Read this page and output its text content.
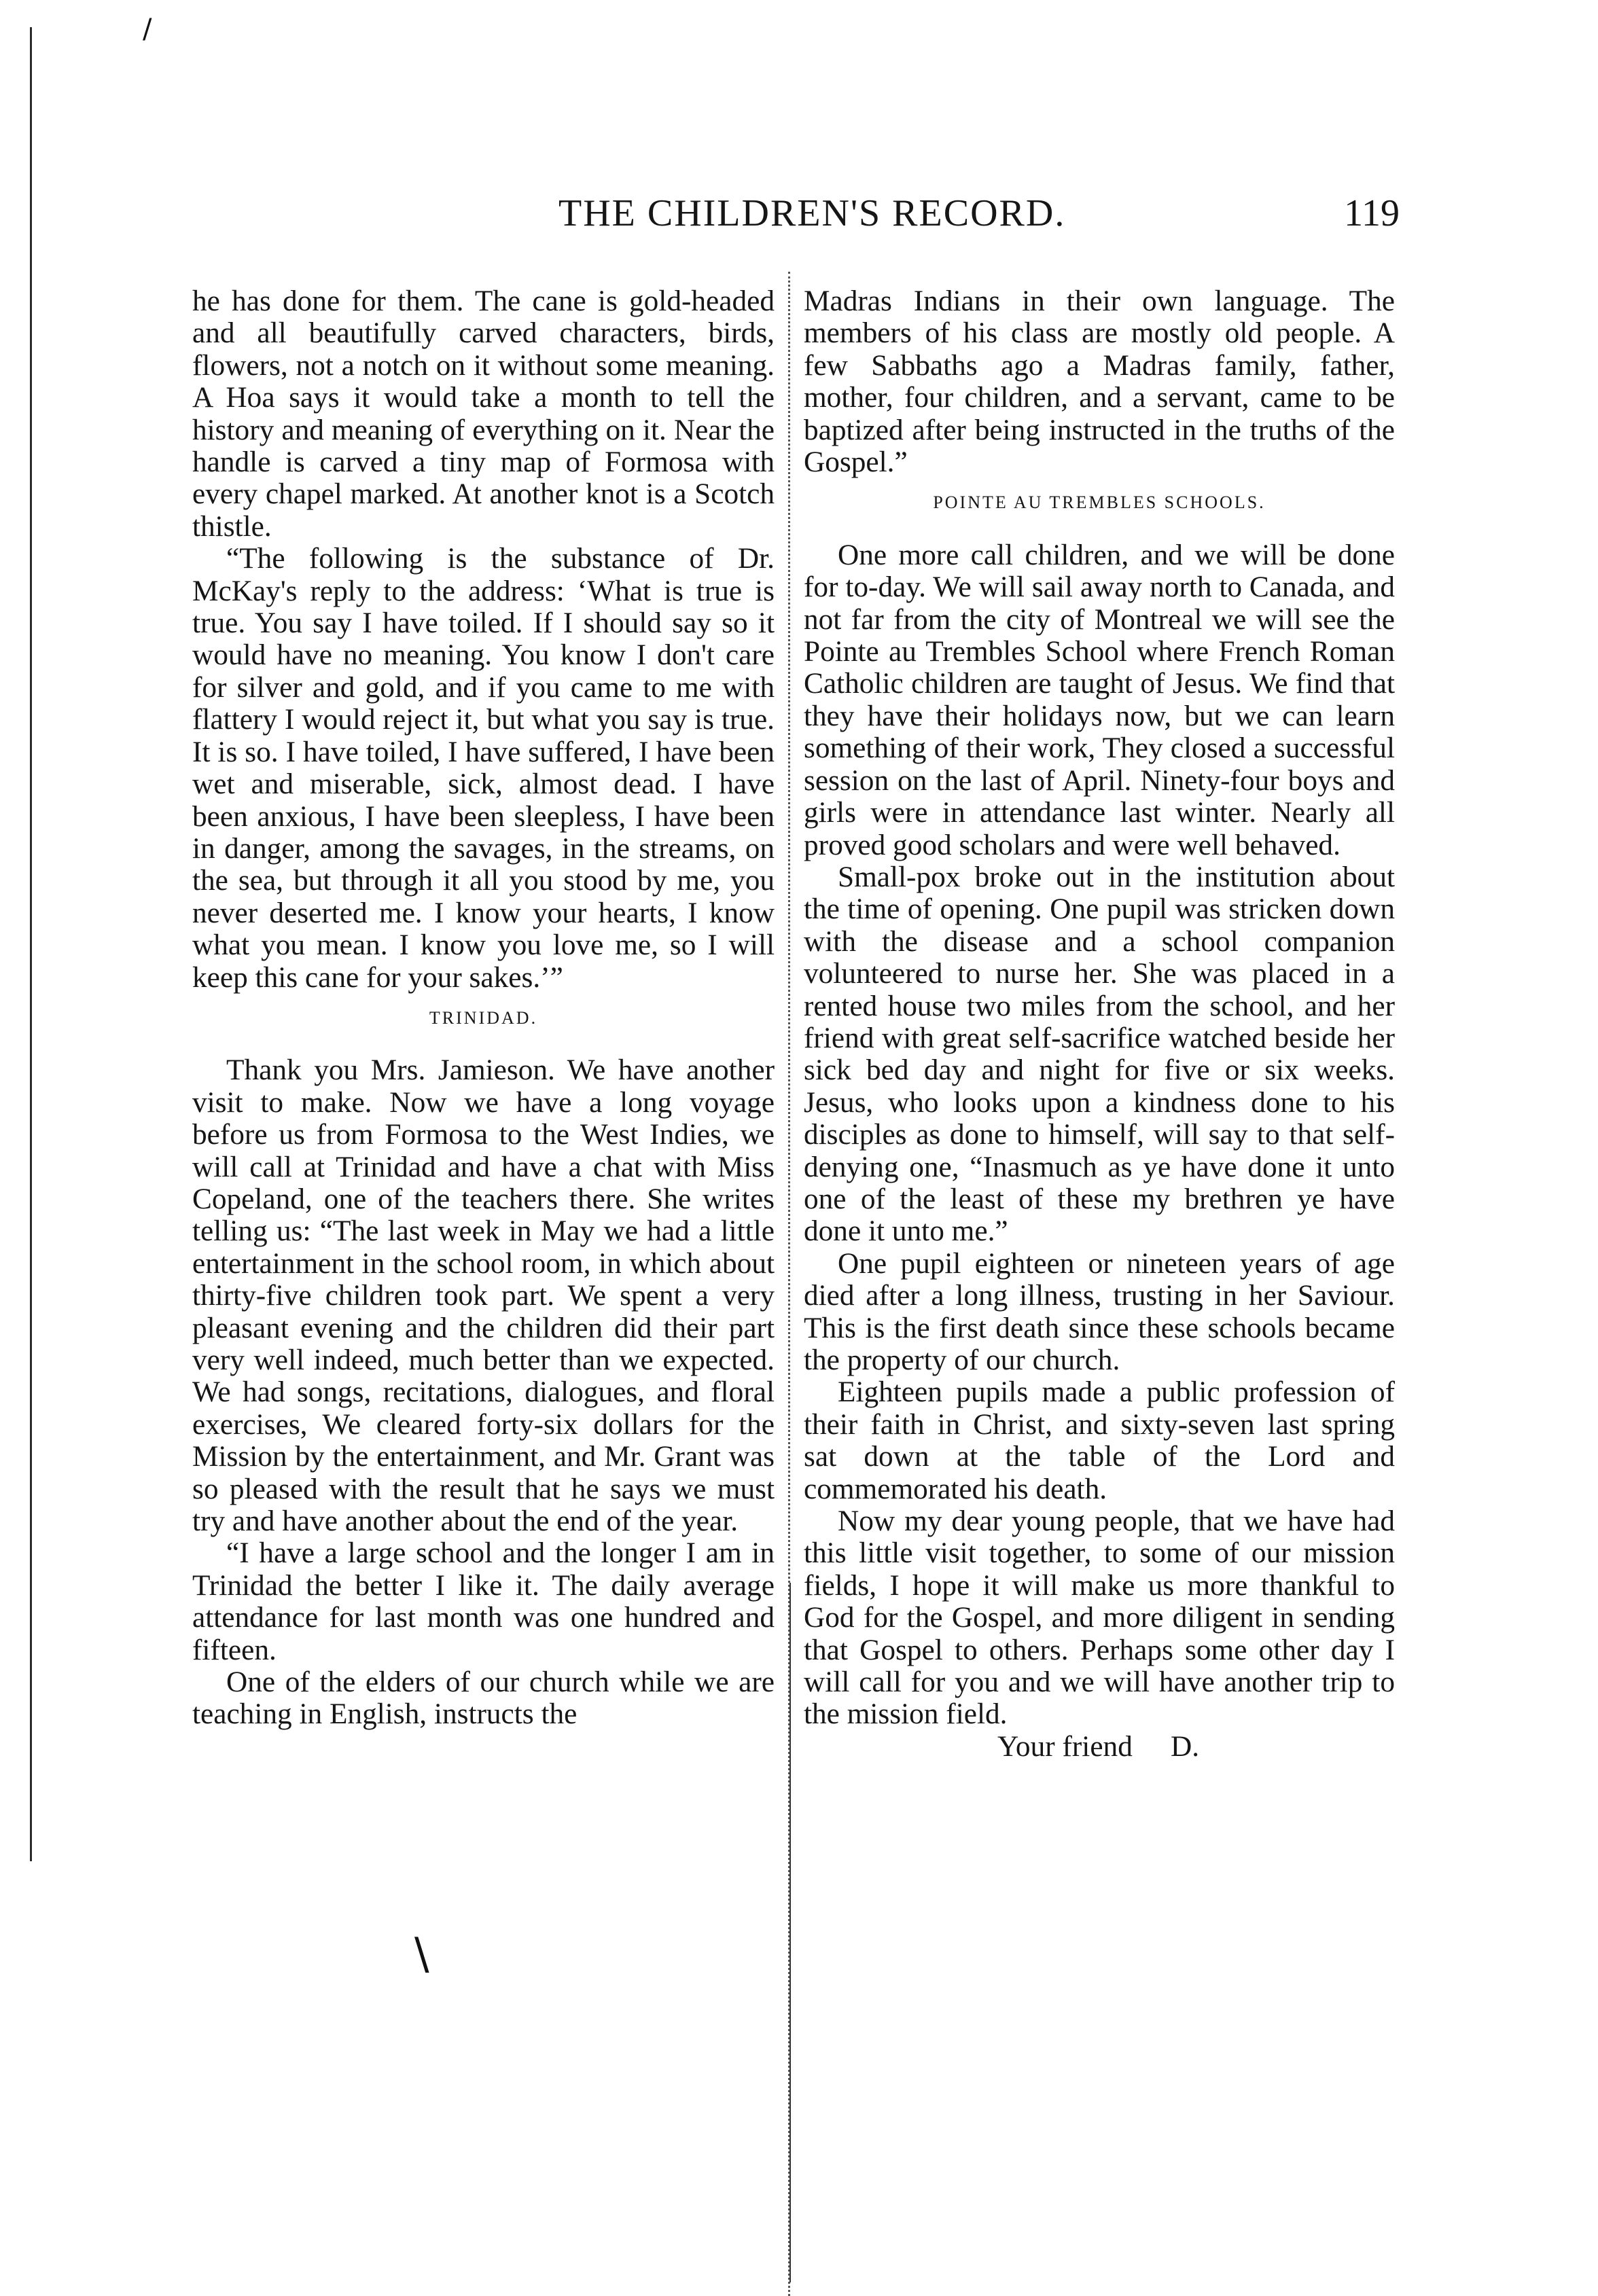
THE CHILDREN'S RECORD.	119

he has done for them. The cane is gold-headed and all beautifully carved characters, birds, flowers, not a notch on it without some meaning. A Hoa says it would take a month to tell the history and meaning of everything on it. Near the handle is carved a tiny map of Formosa with every chapel marked. At another knot is a Scotch thistle.

“The following is the substance of Dr. McKay's reply to the address: ‘What is true is true. You say I have toiled. If I should say so it would have no meaning. You know I don't care for silver and gold, and if you came to me with flattery I would reject it, but what you say is true. It is so. I have toiled, I have suffered, I have been wet and miserable, sick, almost dead. I have been anxious, I have been sleepless, I have been in danger, among the savages, in the streams, on the sea, but through it all you stood by me, you never deserted me. I know your hearts, I know what you mean. I know you love me, so I will keep this cane for your sakes.’”

TRINIDAD.

Thank you Mrs. Jamieson. We have another visit to make. Now we have a long voyage before us from Formosa to the West Indies, we will call at Trinidad and have a chat with Miss Copeland, one of the teachers there. She writes telling us: “The last week in May we had a little entertainment in the school room, in which about thirty-five children took part. We spent a very pleasant evening and the children did their part very well indeed, much better than we expected. We had songs, recitations, dialogues, and floral exercises, We cleared forty-six dollars for the Mission by the entertainment, and Mr. Grant was so pleased with the result that he says we must try and have another about the end of the year.

“I have a large school and the longer I am in Trinidad the better I like it. The daily average attendance for last month was one hundred and fifteen.

One of the elders of our church while we are teaching in English, instructs the

Madras Indians in their own language. The members of his class are mostly old people. A few Sabbaths ago a Madras family, father, mother, four children, and a servant, came to be baptized after being instructed in the truths of the Gospel.”

POINTE AU TREMBLES SCHOOLS.

One more call children, and we will be done for to-day. We will sail away north to Canada, and not far from the city of Montreal we will see the Pointe au Trembles School where French Roman Catholic children are taught of Jesus. We find that they have their holidays now, but we can learn something of their work, They closed a successful session on the last of April. Ninety-four boys and girls were in attendance last winter. Nearly all proved good scholars and were well behaved.

Small-pox broke out in the institution about the time of opening. One pupil was stricken down with the disease and a school companion volunteered to nurse her. She was placed in a rented house two miles from the school, and her friend with great self-sacrifice watched beside her sick bed day and night for five or six weeks. Jesus, who looks upon a kindness done to his disciples as done to himself, will say to that self-denying one, “Inasmuch as ye have done it unto one of the least of these my brethren ye have done it unto me.”

One pupil eighteen or nineteen years of age died after a long illness, trusting in her Saviour. This is the first death since these schools became the property of our church.

Eighteen pupils made a public profession of their faith in Christ, and sixty-seven last spring sat down at the table of the Lord and commemorated his death.

Now my dear young people, that we have had this little visit together, to some of our mission fields, I hope it will make us more thankful to God for the Gospel, and more diligent in sending that Gospel to others. Perhaps some other day I will call for you and we will have another trip to the mission field.

Your friend D.
\
/
